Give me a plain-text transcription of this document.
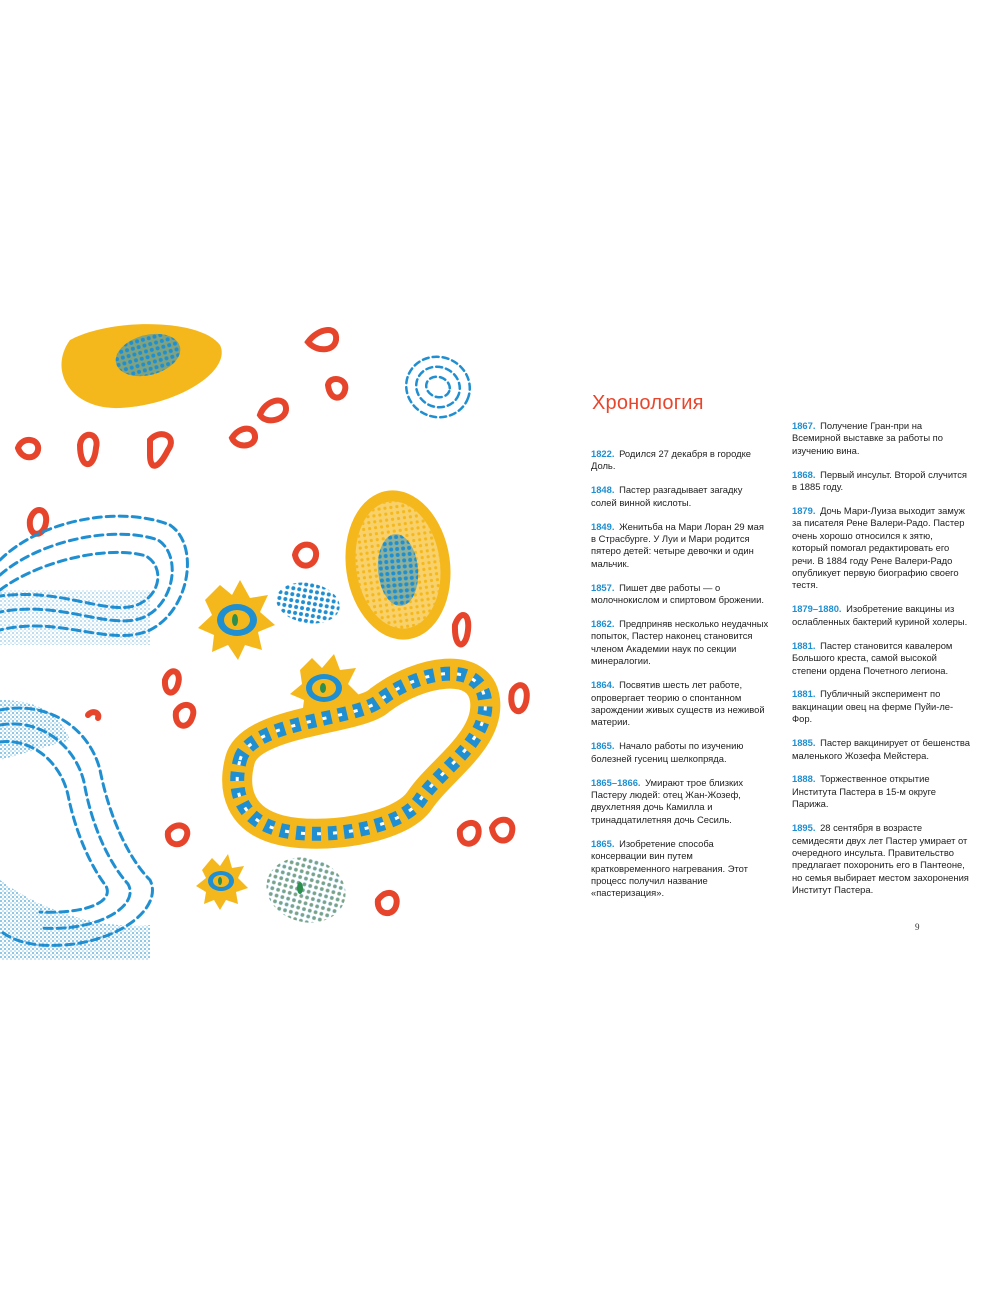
Хронология

1822. Родился 27 декабря в городке Доль.

1848. Пастер разгадывает загадку солей винной кислоты.

1849. Женитьба на Мари Лоран 29 мая в Страсбурге. У Луи и Мари родится пятеро детей: четыре девочки и один мальчик.

1857. Пишет две работы — о молочнокислом и спиртовом брожении.

1862. Предприняв несколько неудачных попыток, Пастер наконец становится членом Академии наук по секции минералогии.

1864. Посвятив шесть лет работе, опровергает теорию о спонтанном зарождении живых существ из неживой материи.

1865. Начало работы по изучению болезней гусениц шелкопряда.

1865–1866. Умирают трое близких Пастеру людей: отец Жан-Жозеф, двухлетняя дочь Камилла и тринадцатилетняя дочь Сесиль.

1865. Изобретение способа консервации вин путем кратковременного нагревания. Этот процесс получил название «пастеризация».

1867. Получение Гран-при на Всемирной выставке за работы по изучению вина.

1868. Первый инсульт. Второй случится в 1885 году.

1879. Дочь Мари-Луиза выходит замуж за писателя Рене Валери-Радо. Пастер очень хорошо относился к зятю, который помогал редактировать его речи. В 1884 году Рене Валери-Радо опубликует первую биографию своего тестя.

1879–1880. Изобретение вакцины из ослабленных бактерий куриной холеры.

1881. Пастер становится кавалером Большого креста, самой высокой степени ордена Почетного легиона.

1881. Публичный эксперимент по вакцинации овец на ферме Пуйи-ле-Фор.

1885. Пастер вакцинирует от бешенства маленького Жозефа Мейстера.

1888. Торжественное открытие Института Пастера в 15-м округе Парижа.

1895. 28 сентября в возрасте семидесяти двух лет Пастер умирает от очередного инсульта. Правительство предлагает похоронить его в Пантеоне, но семья выбирает местом захоронения Институт Пастера.

9
